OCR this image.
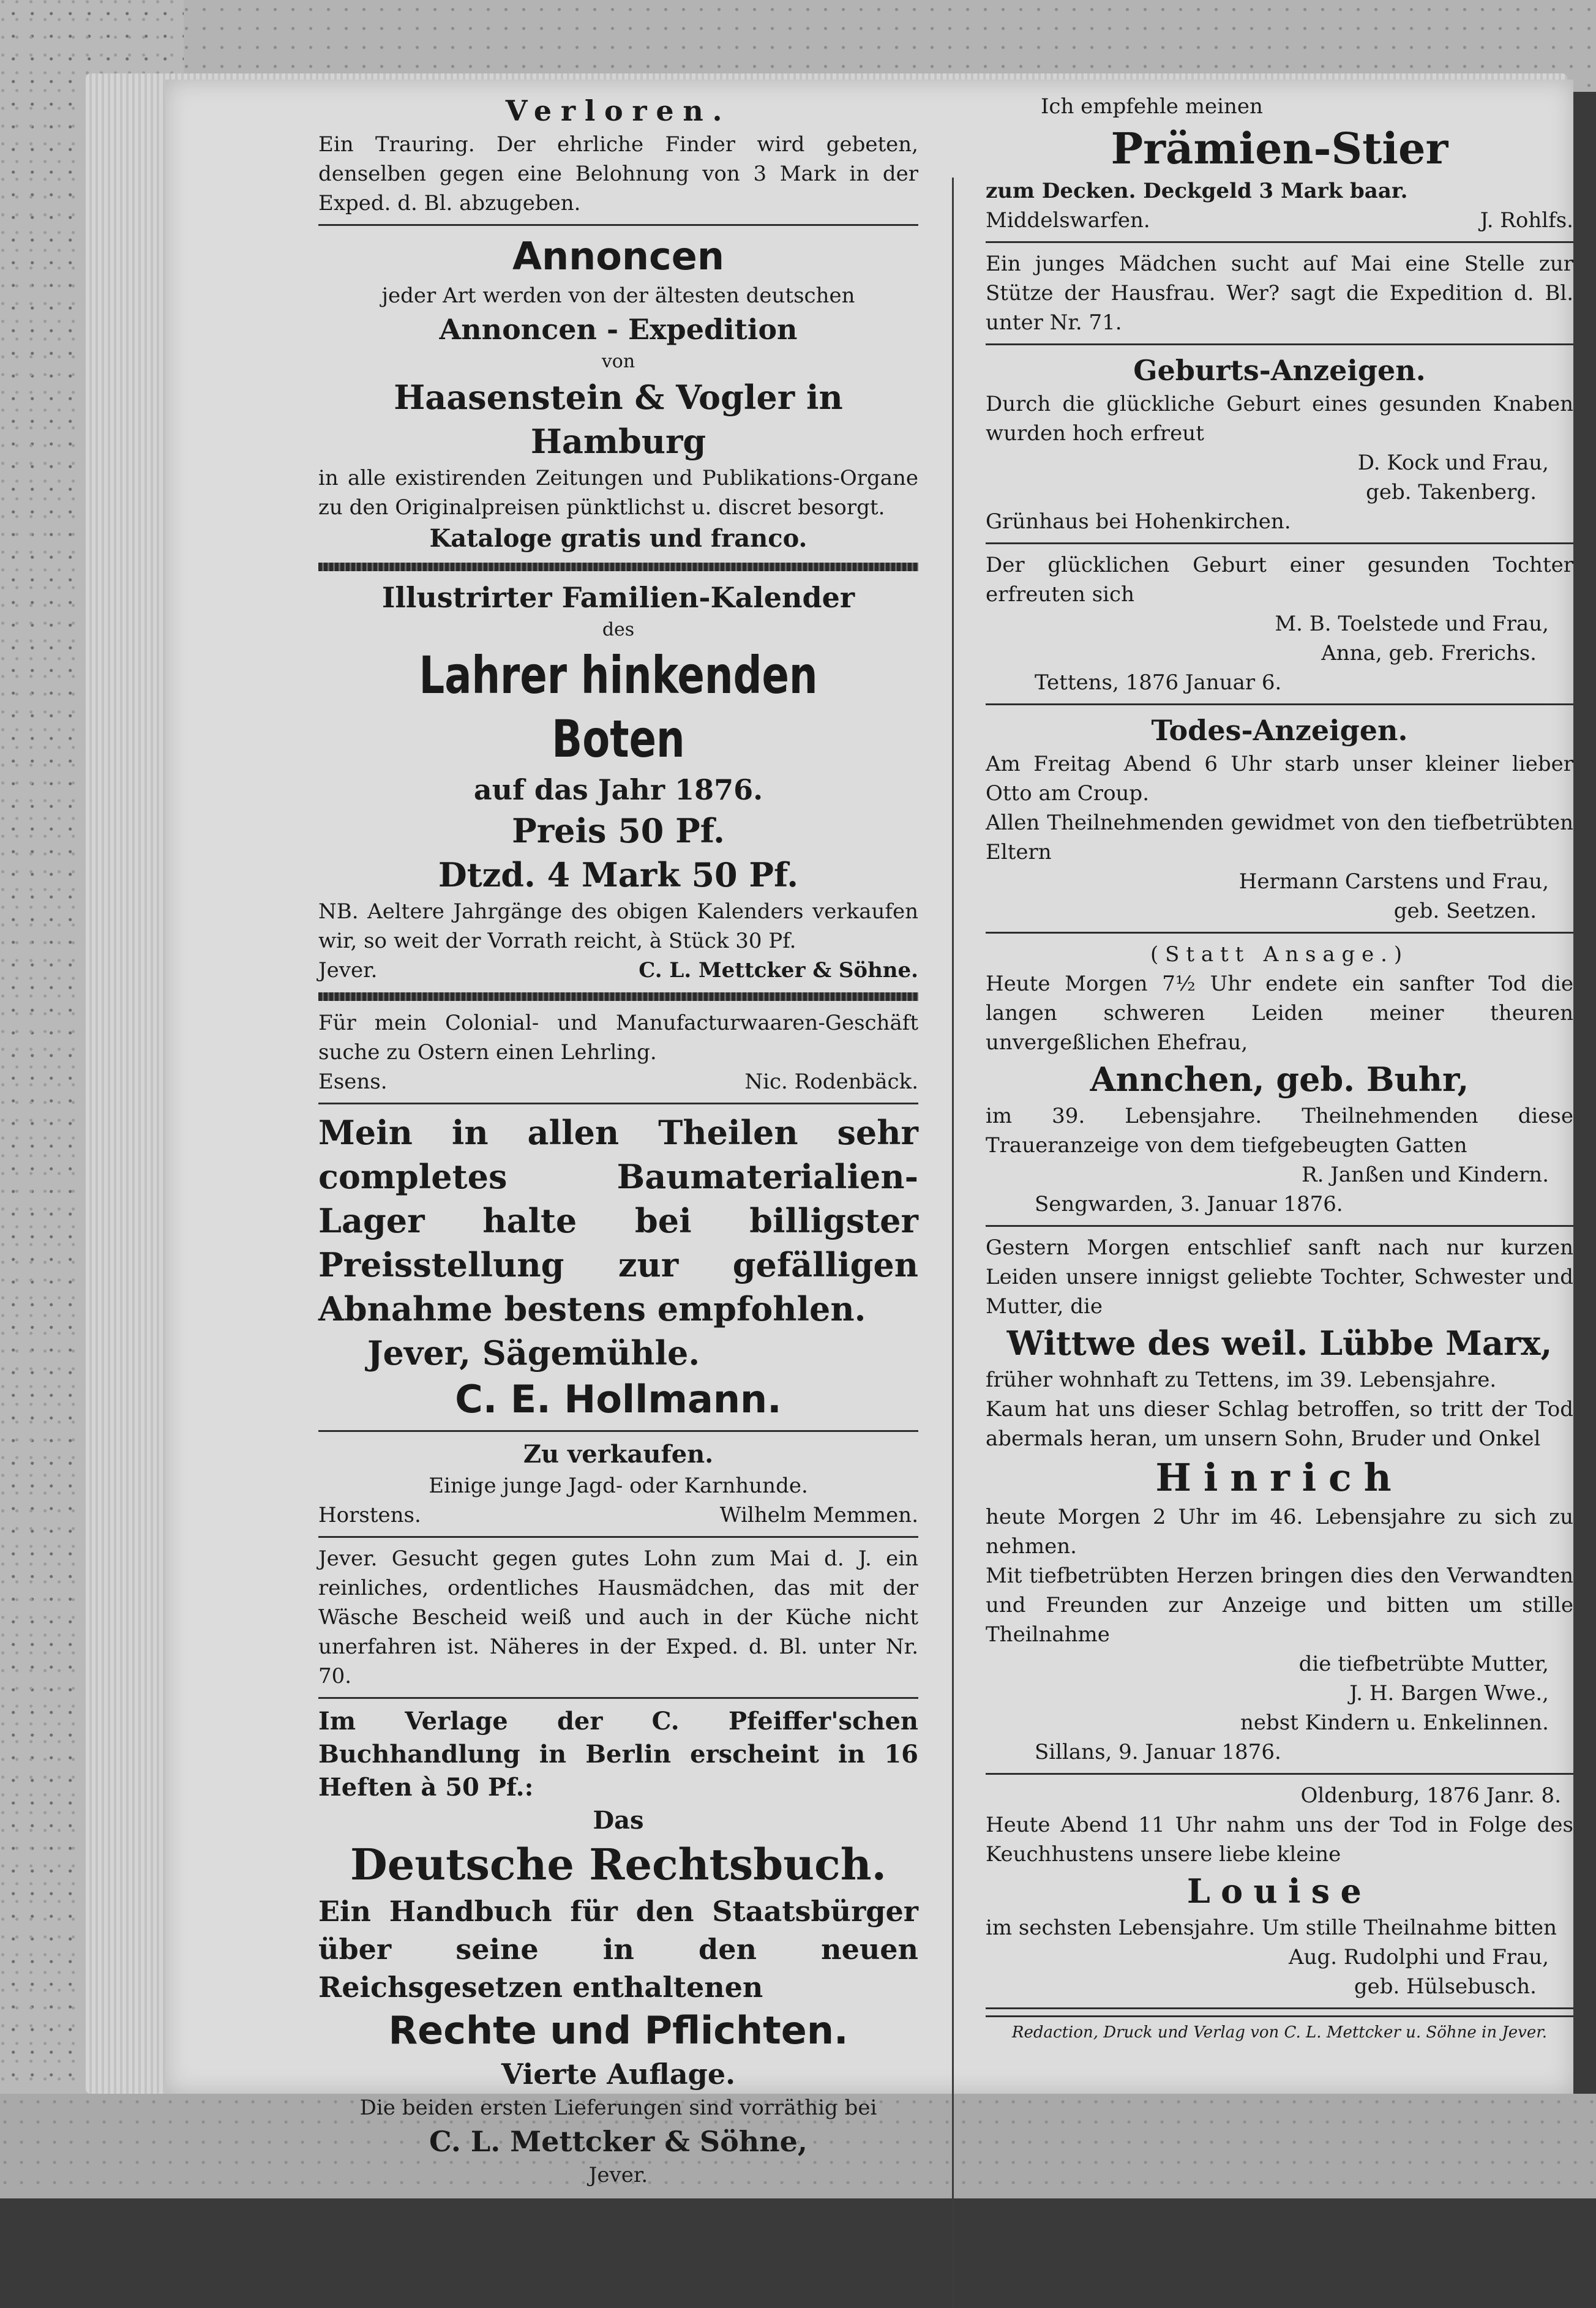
Verloren.

Ein Trauring. Der ehrliche Finder wird gebeten, denselben gegen eine Belohnung von 3 Mark in der Exped. d. Bl. abzugeben.

Annoncen

jeder Art werden von der ältesten deutschen

Annoncen - Expedition

von

Haasenstein & Vogler in Hamburg

in alle existirenden Zeitungen und Publikations-Organe zu den Originalpreisen pünktlichst u. discret besorgt.

Kataloge gratis und franco.

Illustrirter Familien-Kalender

des

Lahrer hinkenden Boten

auf das Jahr 1876.

Preis 50 Pf.

Dtzd. 4 Mark 50 Pf.

NB. Aeltere Jahrgänge des obigen Kalenders verkaufen wir, so weit der Vorrath reicht, à Stück 30 Pf.

Jever.	C. L. Mettcker & Söhne.

Für mein Colonial- und Manufacturwaaren-Geschäft suche zu Ostern einen Lehrling.

Esens.	Nic. Rodenbäck.

Mein in allen Theilen sehr completes Baumaterialien-Lager halte bei billigster Preisstellung zur gefälligen Abnahme bestens empfohlen.

Jever, Sägemühle.

C. E. Hollmann.

Zu verkaufen.

Einige junge Jagd- oder Karnhunde.

Horstens.	Wilhelm Memmen.

Jever. Gesucht gegen gutes Lohn zum Mai d. J. ein reinliches, ordentliches Hausmädchen, das mit der Wäsche Bescheid weiß und auch in der Küche nicht unerfahren ist. Näheres in der Exped. d. Bl. unter Nr. 70.

Im Verlage der C. Pfeiffer'schen Buchhandlung in Berlin erscheint in 16 Heften à 50 Pf.:

Das

Deutsche Rechtsbuch.

Ein Handbuch für den Staatsbürger über seine in den neuen Reichsgesetzen enthaltenen

Rechte und Pflichten.

Vierte Auflage.

Die beiden ersten Lieferungen sind vorräthig bei

C. L. Mettcker & Söhne,

Jever.

Ich empfehle meinen

Prämien-Stier

zum Decken. Deckgeld 3 Mark baar.

Middelswarfen.	J. Rohlfs.

Ein junges Mädchen sucht auf Mai eine Stelle zur Stütze der Hausfrau. Wer? sagt die Expedition d. Bl. unter Nr. 71.

Geburts-Anzeigen.

Durch die glückliche Geburt eines gesunden Knaben wurden hoch erfreut

D. Kock und Frau,

geb. Takenberg.

Grünhaus bei Hohenkirchen.

Der glücklichen Geburt einer gesunden Tochter erfreuten sich

M. B. Toelstede und Frau,

Anna, geb. Frerichs.

Tettens, 1876 Januar 6.

Todes-Anzeigen.

Am Freitag Abend 6 Uhr starb unser kleiner lieber Otto am Croup.

Allen Theilnehmenden gewidmet von den tiefbetrübten Eltern

Hermann Carstens und Frau,

geb. Seetzen.

(Statt Ansage.)

Heute Morgen 7½ Uhr endete ein sanfter Tod die langen schweren Leiden meiner theuren unvergeßlichen Ehefrau,

Annchen, geb. Buhr,

im 39. Lebensjahre. Theilnehmenden diese Traueranzeige von dem tiefgebeugten Gatten

R. Janßen und Kindern.

Sengwarden, 3. Januar 1876.

Gestern Morgen entschlief sanft nach nur kurzen Leiden unsere innigst geliebte Tochter, Schwester und Mutter, die

Wittwe des weil. Lübbe Marx,

früher wohnhaft zu Tettens, im 39. Lebensjahre.

Kaum hat uns dieser Schlag betroffen, so tritt der Tod abermals heran, um unsern Sohn, Bruder und Onkel

Hinrich

heute Morgen 2 Uhr im 46. Lebensjahre zu sich zu nehmen.

Mit tiefbetrübten Herzen bringen dies den Verwandten und Freunden zur Anzeige und bitten um stille Theilnahme

die tiefbetrübte Mutter,

J. H. Bargen Wwe.,

nebst Kindern u. Enkelinnen.

Sillans, 9. Januar 1876.

Oldenburg, 1876 Janr. 8.

Heute Abend 11 Uhr nahm uns der Tod in Folge des Keuchhustens unsere liebe kleine

Louise

im sechsten Lebensjahre. Um stille Theilnahme bitten

Aug. Rudolphi und Frau,

geb. Hülsebusch.

Redaction, Druck und Verlag von C. L. Mettcker u. Söhne in Jever.
